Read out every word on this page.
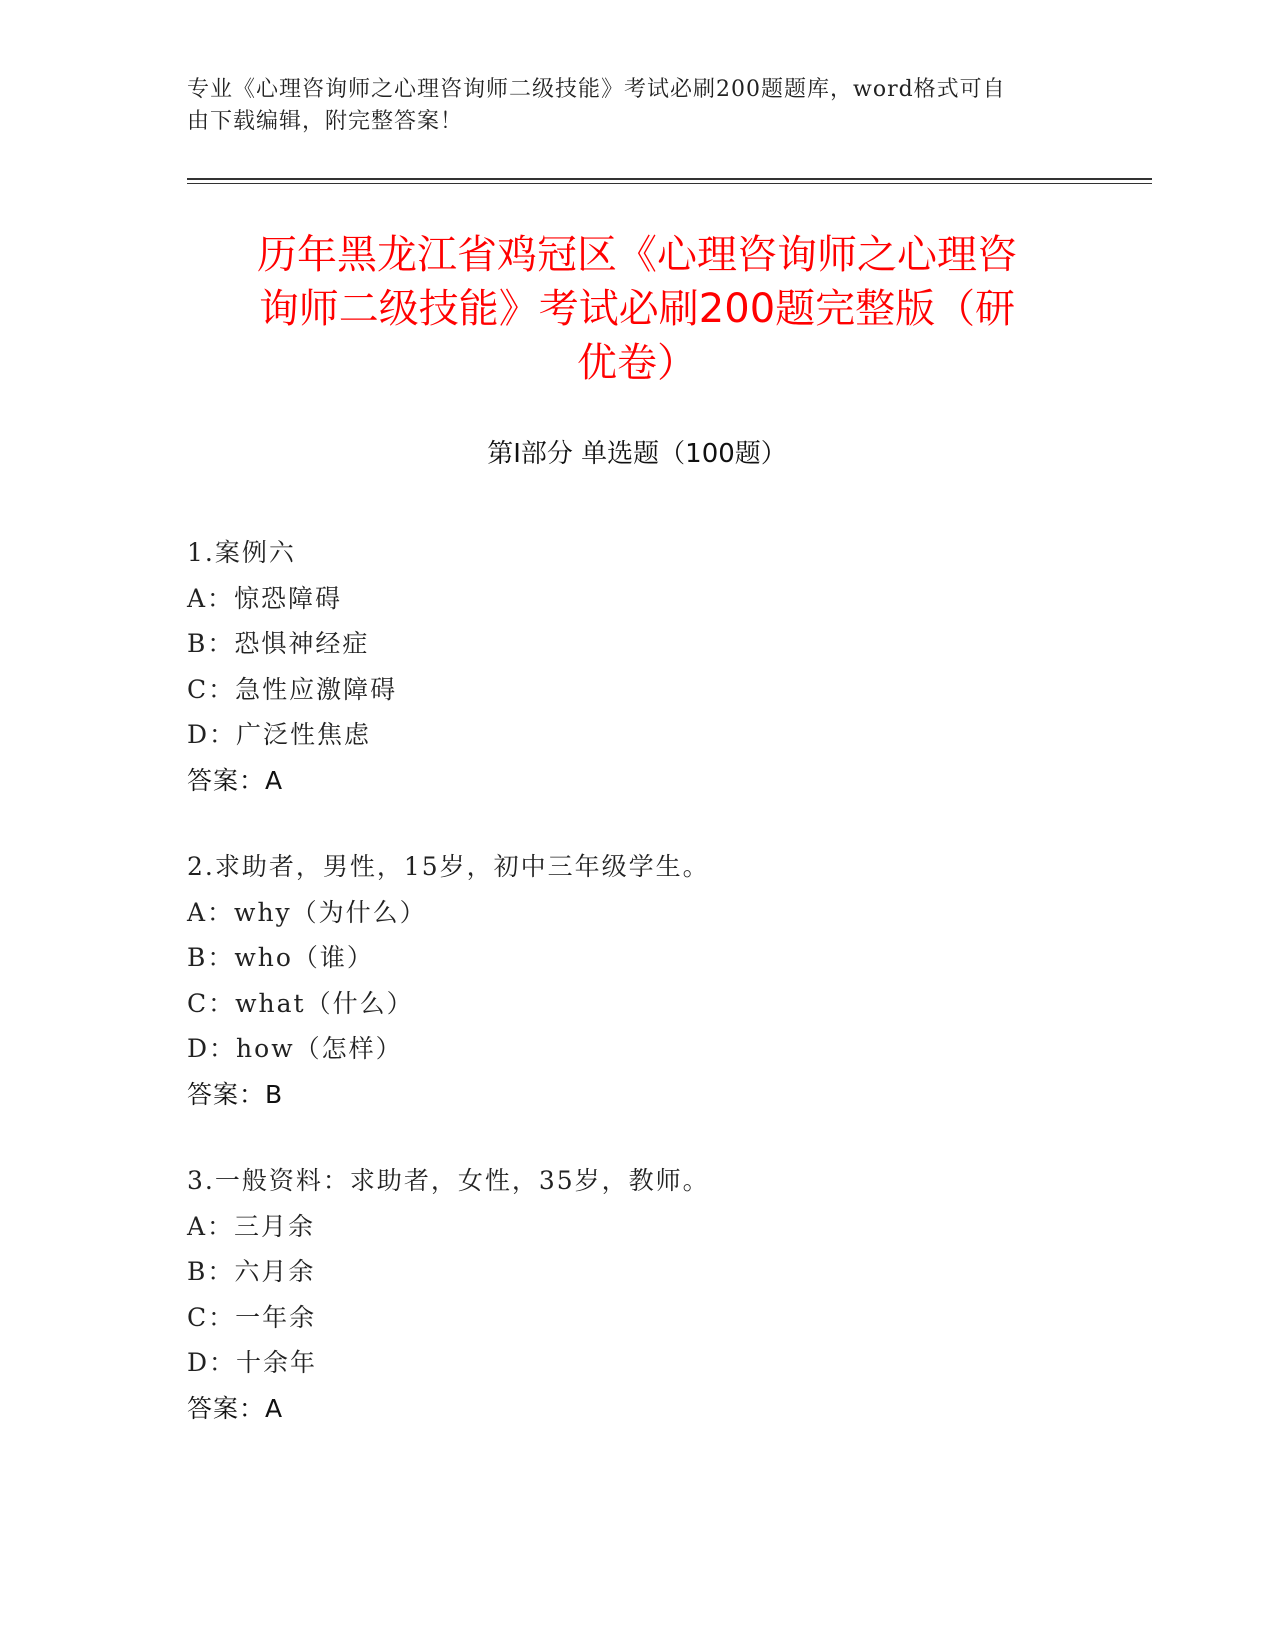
专业《心理咨询师之心理咨询师二级技能》考试必刷200题题库，word格式可自
由下载编辑，附完整答案！
历年黑龙江省鸡冠区《心理咨询师之心理咨
询师二级技能》考试必刷200题完整版（研
优卷）
第Ⅰ部分 单选题（100题）
1.案例六
A：惊恐障碍
B：恐惧神经症
C：急性应激障碍
D：广泛性焦虑
答案：A
2.求助者，男性，15岁，初中三年级学生。
A：why（为什么）
B：who（谁）
C：what（什么）
D：how（怎样）
答案：B
3.一般资料：求助者，女性，35岁，教师。
A：三月余
B：六月余
C：一年余
D：十余年
答案：A
